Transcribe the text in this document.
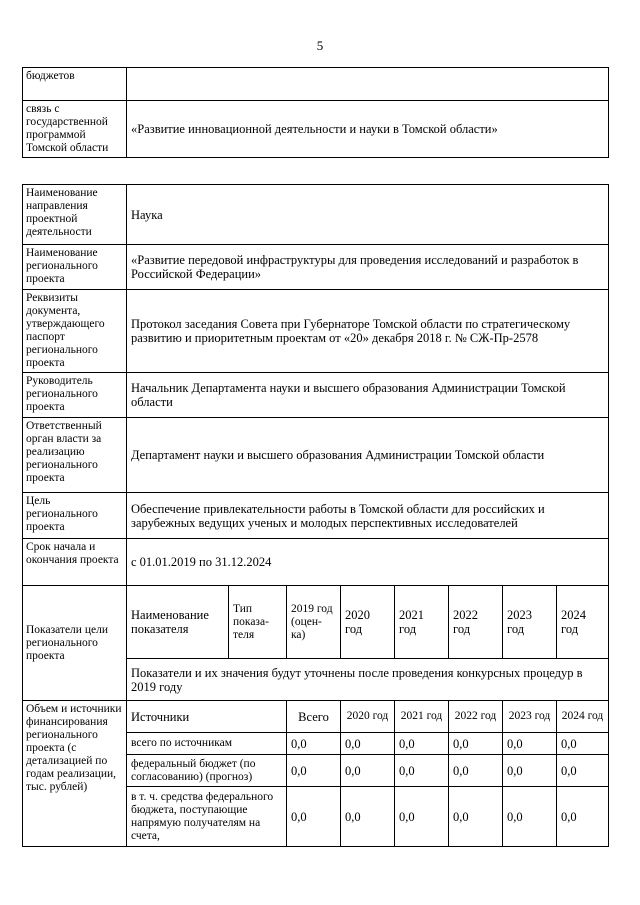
5
бюджетов	
связь с государственной программой Томской области	«Развитие инновационной деятельности и науки в Томской области»
Наименование направления проектной деятельности	Наука							
Наименование регионального проекта	«Развитие передовой инфраструктуры для проведения исследований и разработок в Российской Федерации»							
Реквизиты документа, утверждающего паспорт регионального проекта	Протокол заседания Совета при Губернаторе Томской области по стратегическому развитию и приоритетным проектам от «20» декабря 2018 г. № СЖ-Пр-2578							
Руководитель регионального проекта	Начальник Департамента науки и высшего образования Администрации Томской области							
Ответственный орган власти за реализацию регионального проекта	Департамент науки и высшего образования Администрации Томской области							
Цель регионального проекта	Обеспечение привлекательности работы в Томской области для российских и зарубежных ведущих ученых и молодых перспективных исследователей							
Срок начала и окончания проекта	с 01.01.2019 по 31.12.2024							
Показатели цели регионального проекта	Наименование показателя	Тип показа-теля	2019 год (оцен-ка)	2020 год	2021 год	2022 год	2023 год	2024 год
	Показатели и их значения будут уточнены после проведения конкурсных процедур в 2019 году							
Объем и источники финансирования регионального проекта (с детализацией по годам реализации, тыс. рублей)	Источники		Всего	2020 год	2021 год	2022 год	2023 год	2024 год
	всего по источникам		0,0	0,0	0,0	0,0	0,0	0,0
	федеральный бюджет (по согласованию) (прогноз)		0,0	0,0	0,0	0,0	0,0	0,0
	в т. ч. средства федерального бюджета, поступающие напрямую получателям на счета,		0,0	0,0	0,0	0,0	0,0	0,0
